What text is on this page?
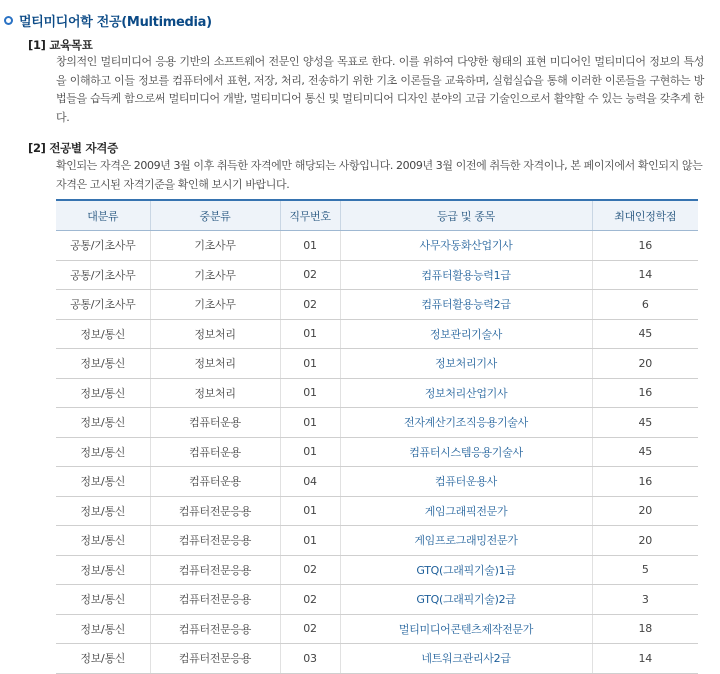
멀티미디어학 전공(Multimedia)
[1] 교육목표
창의적인 멀티미디어 응용 기반의 소프트웨어 전문인 양성을 목표로 한다. 이를 위하여 다양한 형태의 표현 미디어인 멀티미디어 정보의 특성을 이해하고 이들 정보를 컴퓨터에서 표현, 저장, 처리, 전송하기 위한 기초 이론들을 교육하며, 실험실습을 통해 이러한 이론들을 구현하는 방법들을 습득케 함으로써 멀티미디어 개발, 멀티미디어 통신 및 멀티미디어 디자인 분야의 고급 기술인으로서 활약할 수 있는 능력을 갖추게 한다.
[2] 전공별 자격증
확인되는 자격은 2009년 3월 이후 취득한 자격에만 해당되는 사항입니다. 2009년 3월 이전에 취득한 자격이나, 본 페이지에서 확인되지 않는 자격은 고시된 자격기준을 확인해 보시기 바랍니다.
대분류	중분류	직무번호	등급 및 종목	최대인정학점
공통/기초사무	기초사무	01	사무자동화산업기사	16
공통/기초사무	기초사무	02	컴퓨터활용능력1급	14
공통/기초사무	기초사무	02	컴퓨터활용능력2급	6
정보/통신	정보처리	01	정보관리기술사	45
정보/통신	정보처리	01	정보처리기사	20
정보/통신	정보처리	01	정보처리산업기사	16
정보/통신	컴퓨터운용	01	전자계산기조직응용기술사	45
정보/통신	컴퓨터운용	01	컴퓨터시스템응용기술사	45
정보/통신	컴퓨터운용	04	컴퓨터운용사	16
정보/통신	컴퓨터전문응용	01	게임그래픽전문가	20
정보/통신	컴퓨터전문응용	01	게임프로그래밍전문가	20
정보/통신	컴퓨터전문응용	02	GTQ(그래픽기술)1급	5
정보/통신	컴퓨터전문응용	02	GTQ(그래픽기술)2급	3
정보/통신	컴퓨터전문응용	02	멀티미디어콘텐츠제작전문가	18
정보/통신	컴퓨터전문응용	03	네트워크관리사2급	14
